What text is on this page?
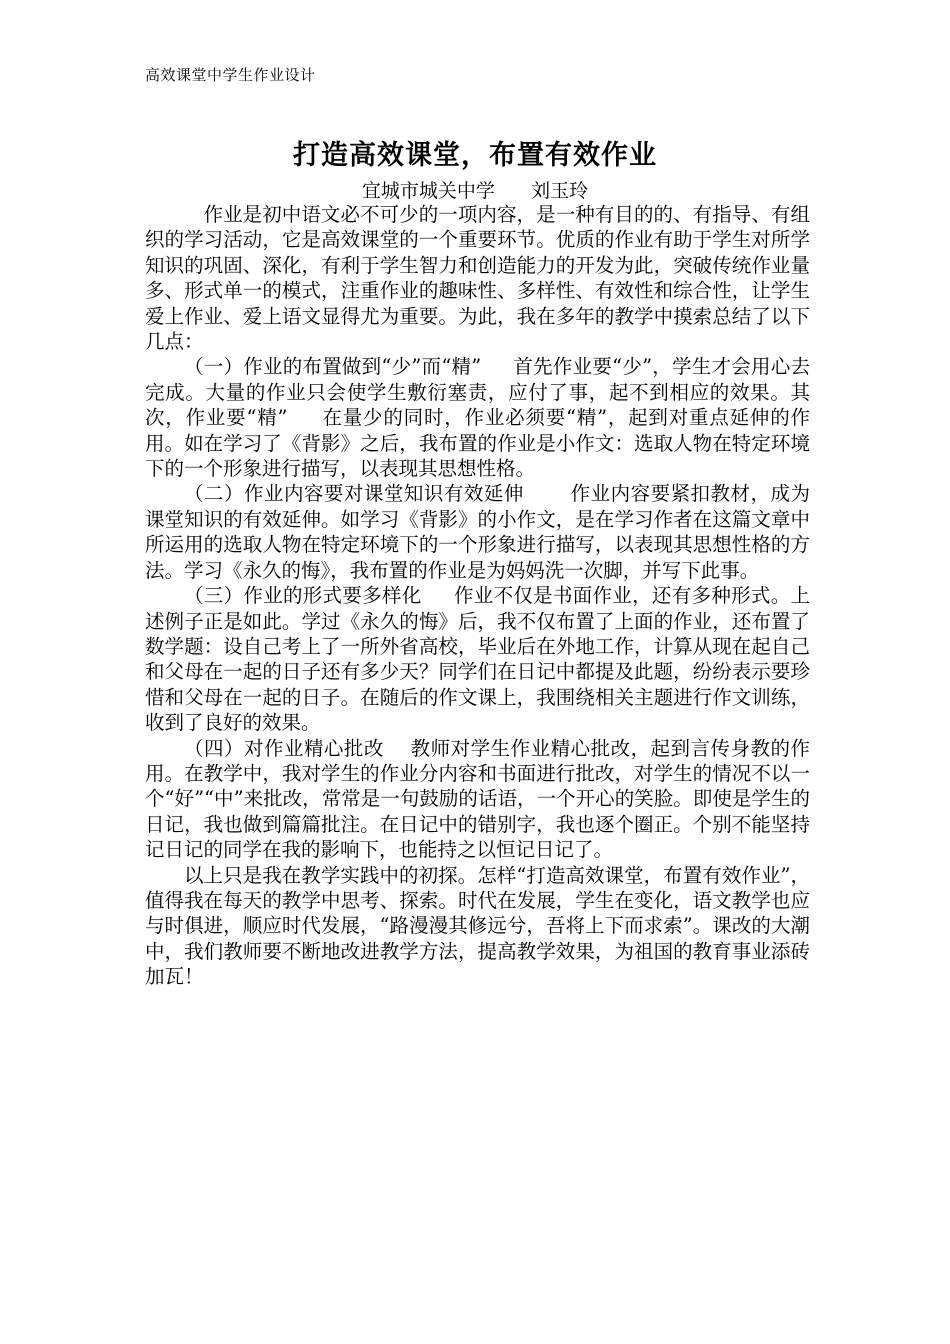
高效课堂中学生作业设计
打造高效课堂，布置有效作业
宜城市城关中学      刘玉玲

作业是初中语文必不可少的一项内容，是一种有目的的、有指导、有组织的学习活动，它是高效课堂的一个重要环节。优质的作业有助于学生对所学知识的巩固、深化，有利于学生智力和创造能力的开发为此，突破传统作业量多、形式单一的模式，注重作业的趣味性、多样性、有效性和综合性，让学生爱上作业、爱上语文显得尤为重要。为此，我在多年的教学中摸索总结了以下几点：

（一）作业的布置做到“少”而“精”     首先作业要“少”，学生才会用心去完成。大量的作业只会使学生敷衍塞责，应付了事，起不到相应的效果。其次，作业要“精”     在量少的同时，作业必须要“精”，起到对重点延伸的作用。如在学习了《背影》之后，我布置的作业是小作文：选取人物在特定环境下的一个形象进行描写，以表现其思想性格。

（二）作业内容要对课堂知识有效延伸       作业内容要紧扣教材，成为课堂知识的有效延伸。如学习《背影》的小作文，是在学习作者在这篇文章中所运用的选取人物在特定环境下的一个形象进行描写，以表现其思想性格的方法。学习《永久的悔》，我布置的作业是为妈妈洗一次脚，并写下此事。

（三）作业的形式要多样化     作业不仅是书面作业，还有多种形式。上述例子正是如此。学过《永久的悔》后，我不仅布置了上面的作业，还布置了数学题：设自己考上了一所外省高校，毕业后在外地工作，计算从现在起自己和父母在一起的日子还有多少天？同学们在日记中都提及此题，纷纷表示要珍惜和父母在一起的日子。在随后的作文课上，我围绕相关主题进行作文训练，收到了良好的效果。

（四）对作业精心批改    教师对学生作业精心批改，起到言传身教的作用。在教学中，我对学生的作业分内容和书面进行批改，对学生的情况不以一个“好”“中”来批改，常常是一句鼓励的话语，一个开心的笑脸。即使是学生的日记，我也做到篇篇批注。在日记中的错别字，我也逐个圈正。个别不能坚持记日记的同学在我的影响下，也能持之以恒记日记了。

以上只是我在教学实践中的初探。怎样“打造高效课堂，布置有效作业”，值得我在每天的教学中思考、探索。时代在发展，学生在变化，语文教学也应与时俱进，顺应时代发展，“路漫漫其修远兮，吾将上下而求索”。课改的大潮中，我们教师要不断地改进教学方法，提高教学效果，为祖国的教育事业添砖加瓦！
